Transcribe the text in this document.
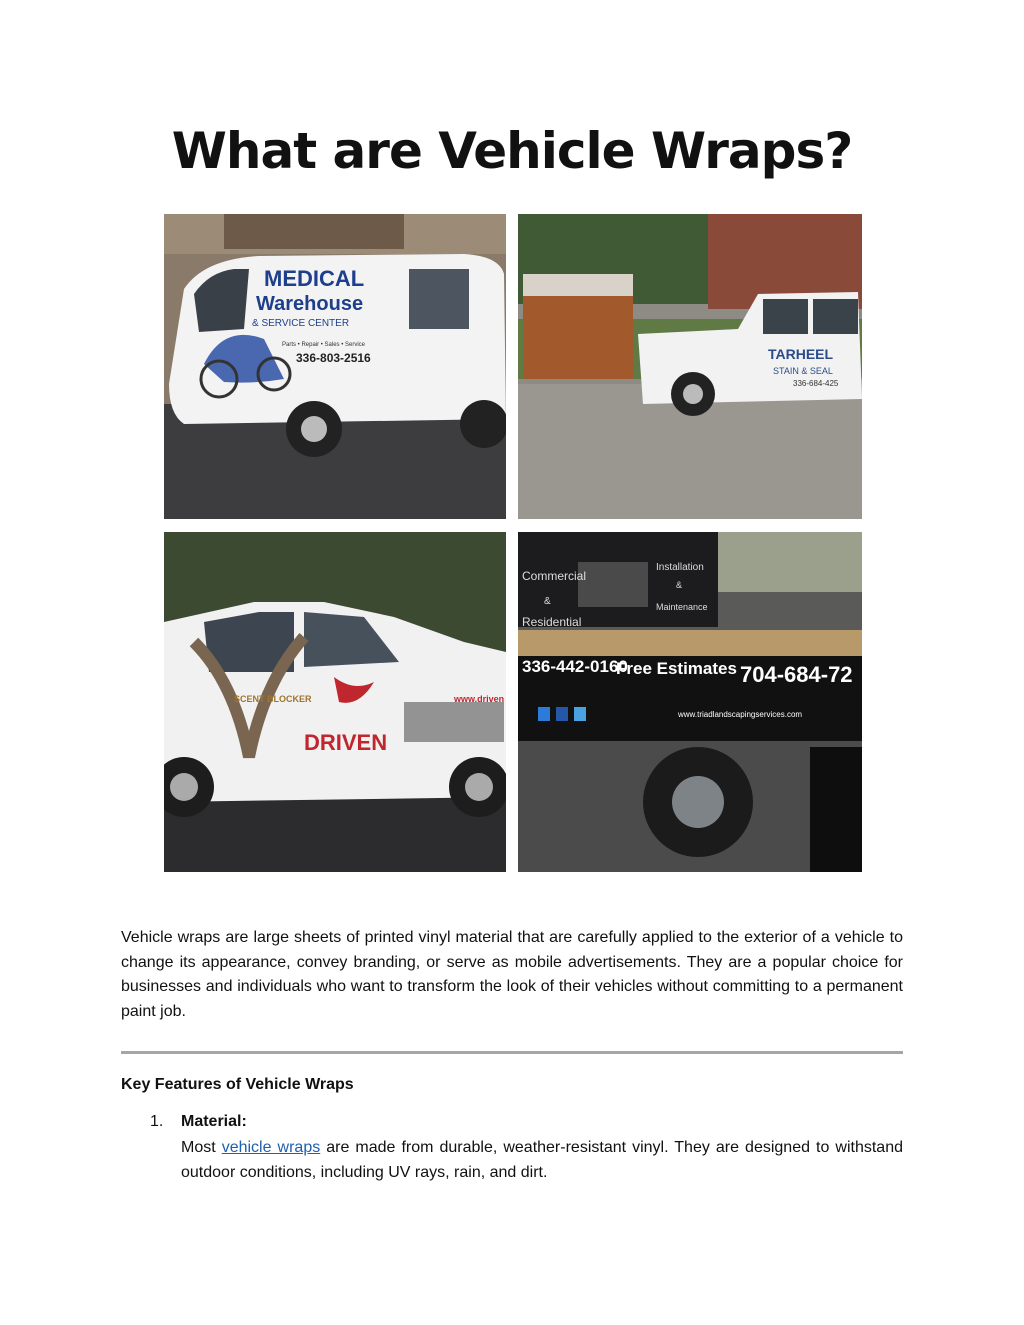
What are Vehicle Wraps?
MEDICAL
Warehouse
& SERVICE CENTER
Parts • Repair • Sales • Service
336-803-2516	TARHEEL
STAIN & SEAL
336-684-425
SCENT BLOCKER
DRIVEN
www.driven
Commercial
&
Residential
Installation
&
Maintenance
336-442-0160
Free Estimates 704-684-72
www.triadlandscapingservices.com

Vehicle wraps are large sheets of printed vinyl material that are carefully applied to the exterior of a vehicle to change its appearance, convey branding, or serve as mobile advertisements. They are a popular choice for businesses and individuals who want to transform the look of their vehicles without committing to a permanent paint job.

Key Features of Vehicle Wraps

1. Material:

Most vehicle wraps are made from durable, weather-resistant vinyl. They are designed to withstand outdoor conditions, including UV rays, rain, and dirt.
